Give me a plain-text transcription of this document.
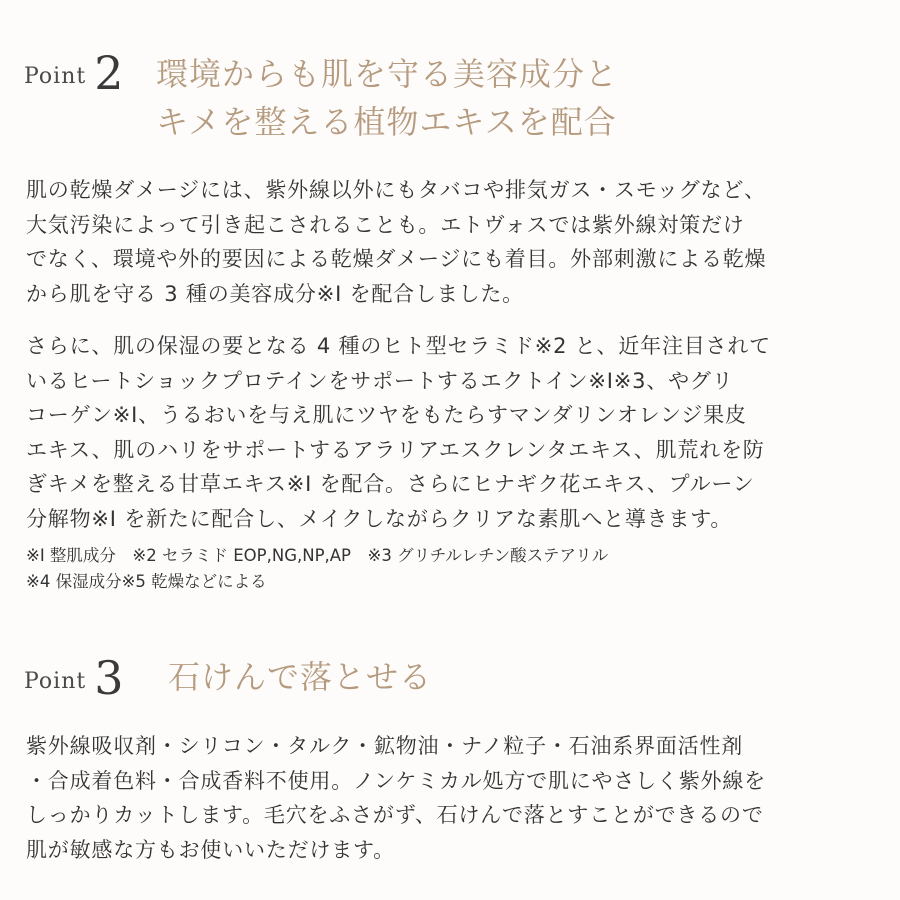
Point 2 環境からも肌を守る美容成分と
キメを整える植物エキスを配合
肌の乾燥ダメージには、紫外線以外にもタバコや排気ガス・スモッグなど、
大気汚染によって引き起こされることも。エトヴォスでは紫外線対策だけ
でなく、環境や外的要因による乾燥ダメージにも着目。外部刺激による乾燥
から肌を守る 3 種の美容成分※I を配合しました。
さらに、肌の保湿の要となる 4 種のヒト型セラミド※2 と、近年注目されて
いるヒートショックプロテインをサポートするエクトイン※I※3、やグリ
コーゲン※I、うるおいを与え肌にツヤをもたらすマンダリンオレンジ果皮
エキス、肌のハリをサポートするアラリアエスクレンタエキス、肌荒れを防
ぎキメを整える甘草エキス※I を配合。さらにヒナギク花エキス、プルーン
分解物※I を新たに配合し、メイクしながらクリアな素肌へと導きます。
※I 整肌成分　※2 セラミド EOP,NG,NP,AP　※3 グリチルレチン酸ステアリル
※4 保湿成分※5 乾燥などによる
Point 3 石けんで落とせる
紫外線吸収剤・シリコン・タルク・鉱物油・ナノ粒子・石油系界面活性剤
・合成着色料・合成香料不使用。ノンケミカル処方で肌にやさしく紫外線を
しっかりカットします。毛穴をふさがず、石けんで落とすことができるので
肌が敏感な方もお使いいただけます。
